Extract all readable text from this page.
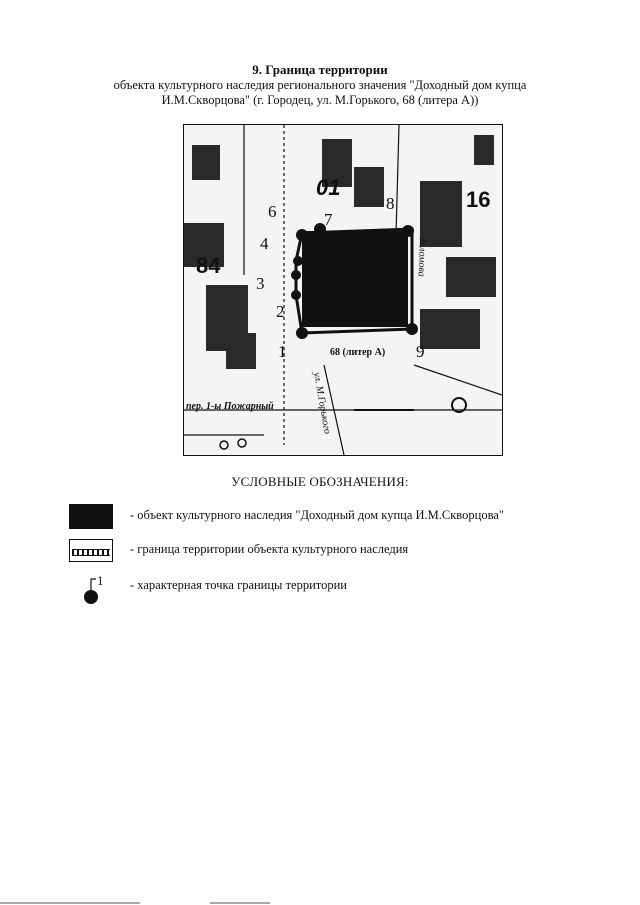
9. Граница территории
объекта культурного наследия регионального значения "Доходный дом купца
И.М.Скворцова" (г. Городец, ул. М.Горького, 68 (литера А))
84
01	16
1
2
3
4
6	7
8
9
68 (литер А)
пер. 1-ы Пожарный	ул. М.Горького
Заломова
УСЛОВНЫЕ ОБОЗНАЧЕНИЯ:
- объект культурного наследия "Доходный дом купца И.М.Скворцова"
- граница территории объекта культурного наследия
1 - характерная точка границы территории
